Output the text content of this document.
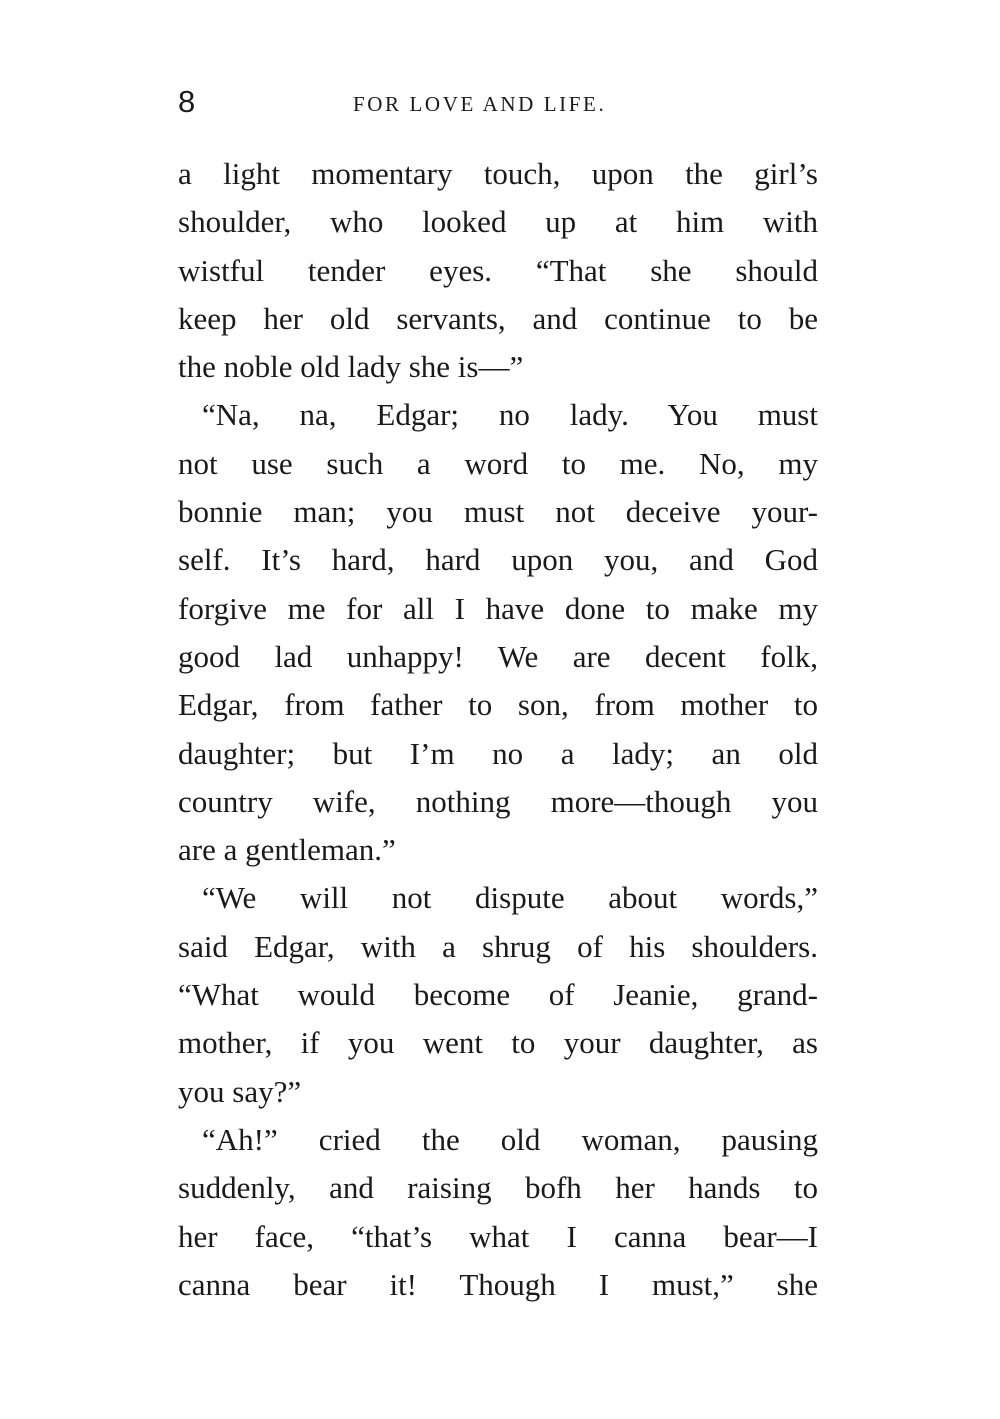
8	FOR LOVE AND LIFE.
a light momentary touch, upon the girl’s
shoulder, who looked up at him with
wistful tender eyes. “That she should
keep her old servants, and continue to be
the noble old lady she is—”
“Na, na, Edgar; no lady. You must
not use such a word to me. No, my
bonnie man; you must not deceive your-
self. It’s hard, hard upon you, and God
forgive me for all I have done to make my
good lad unhappy! We are decent folk,
Edgar, from father to son, from mother to
daughter; but I’m no a lady; an old
country wife, nothing more—though you
are a gentleman.”
“We will not dispute about words,”
said Edgar, with a shrug of his shoulders.
“What would become of Jeanie, grand-
mother, if you went to your daughter, as
you say?”
“Ah!” cried the old woman, pausing
suddenly, and raising bofh her hands to
her face, “that’s what I canna bear—I
canna bear it! Though I must,” she
